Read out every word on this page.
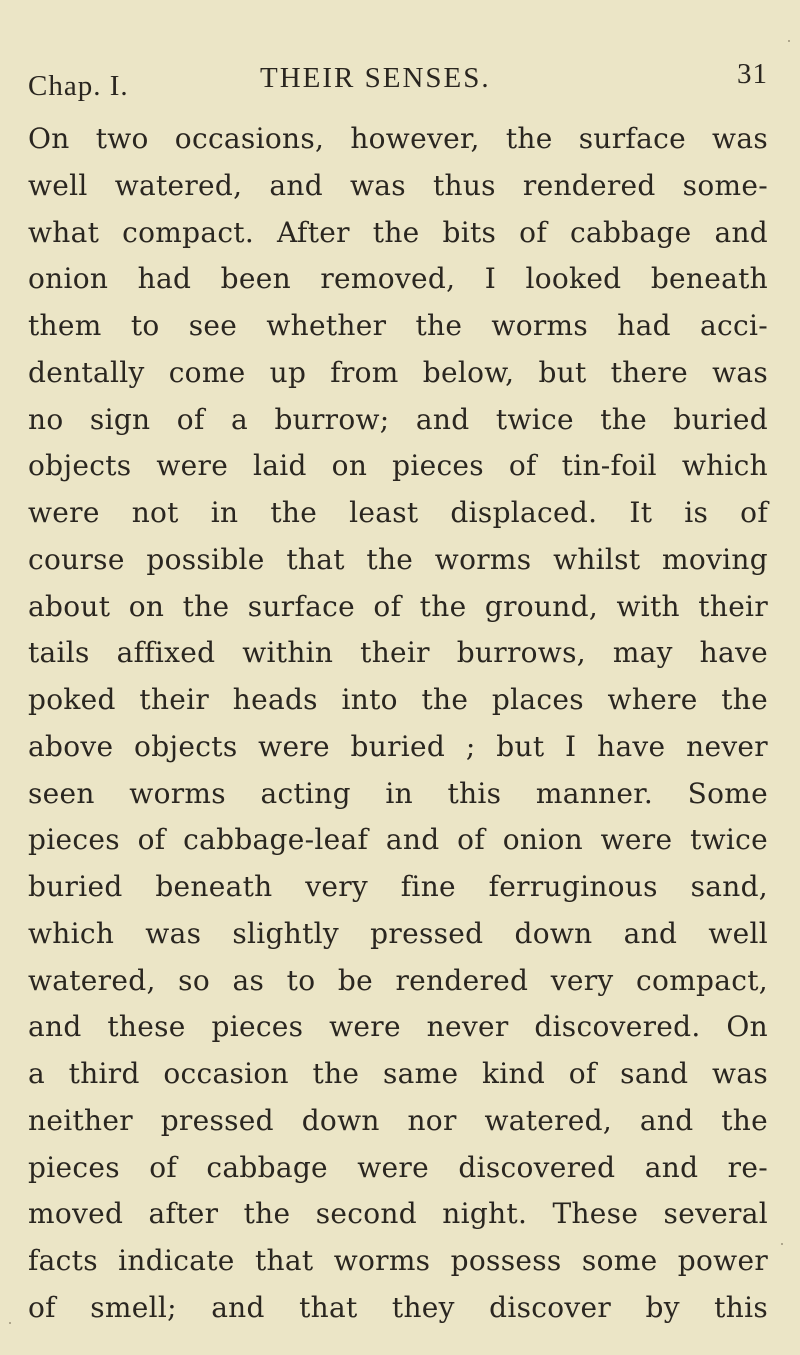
Chap. I.	THEIR SENSES.	31
On two occasions, however, the surface was
well watered, and was thus rendered some-
what compact. After the bits of cabbage and
onion had been removed, I looked beneath
them to see whether the worms had acci-
dentally come up from below, but there was
no sign of a burrow; and twice the buried
objects were laid on pieces of tin-foil which
were not in the least displaced. It is of
course possible that the worms whilst moving
about on the surface of the ground, with their
tails affixed within their burrows, may have
poked their heads into the places where the
above objects were buried ; but I have never
seen worms acting in this manner. Some
pieces of cabbage-leaf and of onion were twice
buried beneath very fine ferruginous sand,
which was slightly pressed down and well
watered, so as to be rendered very compact,
and these pieces were never discovered. On
a third occasion the same kind of sand was
neither pressed down nor watered, and the
pieces of cabbage were discovered and re-
moved after the second night. These several
facts indicate that worms possess some power
of smell; and that they discover by this
